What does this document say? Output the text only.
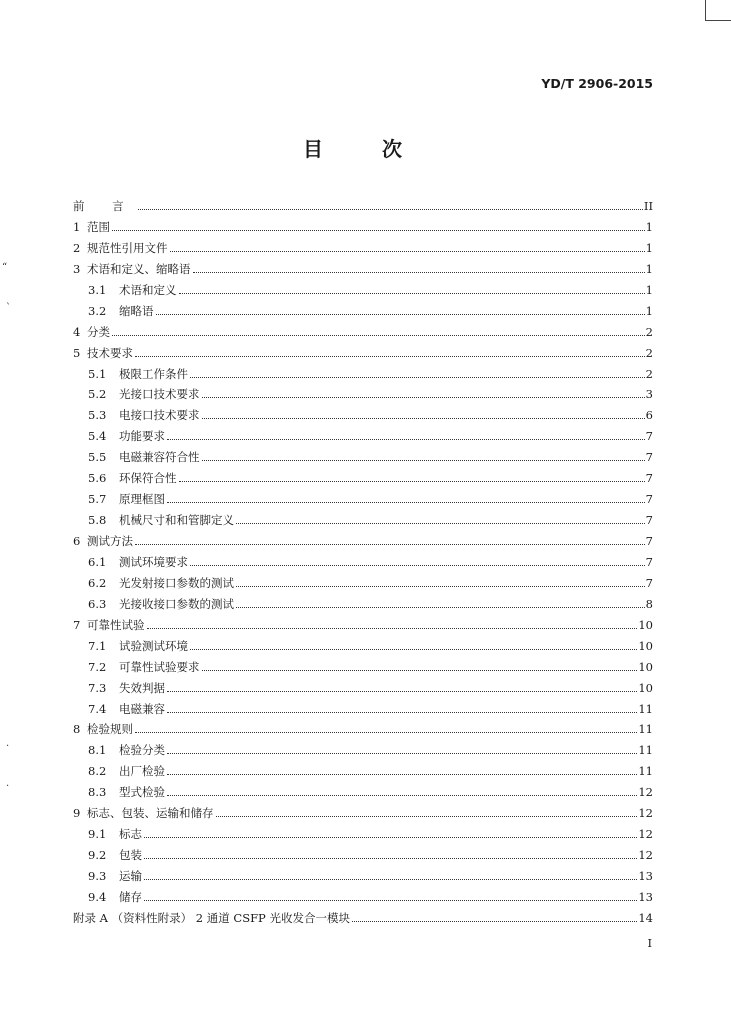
“
`
.
.
YD/T 2906-2015
目 次
前 言	II
1 范围	1
2 规范性引用文件	1
3 术语和定义、缩略语	1
3.1	术语和定义	1
3.2	缩略语	1
4 分类	2
5 技术要求	2
5.1	极限工作条件	2
5.2	光接口技术要求	3
5.3	电接口技术要求	6
5.4	功能要求	7
5.5	电磁兼容符合性	7
5.6	环保符合性	7
5.7	原理框图	7
5.8	机械尺寸和和管脚定义	7
6 测试方法	7
6.1	测试环境要求	7
6.2	光发射接口参数的测试	7
6.3	光接收接口参数的测试	8
7 可靠性试验	10
7.1	试验测试环境	10
7.2	可靠性试验要求	10
7.3	失效判据	10
7.4	电磁兼容	11
8 检验规则	11
8.1	检验分类	11
8.2	出厂检验	11
8.3	型式检验	12
9 标志、包装、运输和储存	12
9.1	标志	12
9.2	包装	12
9.3	运输	13
9.4	储存	13
附录 A （资料性附录） 2 通道 CSFP 光收发合一模块	14
I
